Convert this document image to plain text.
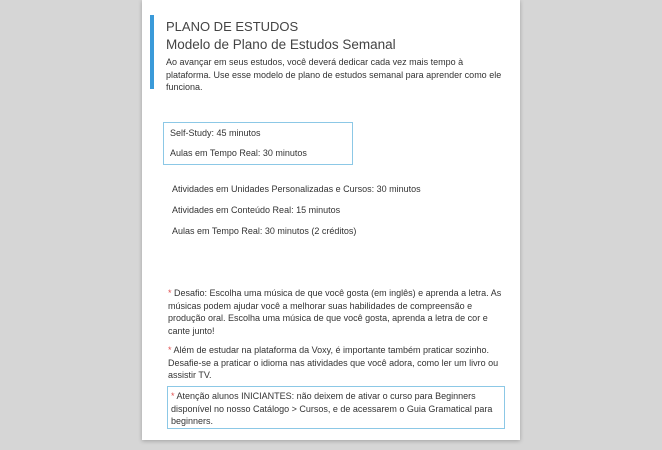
PLANO DE ESTUDOS
Modelo de Plano de Estudos Semanal
Ao avançar em seus estudos, você deverá dedicar cada vez mais tempo à plataforma. Use esse modelo de plano de estudos semanal para aprender como ele funciona.
Self-Study: 45 minutos
Aulas em Tempo Real: 30 minutos
Atividades em Unidades Personalizadas e Cursos: 30 minutos
Atividades em Conteúdo Real: 15 minutos
Aulas em Tempo Real: 30 minutos (2 créditos)
* Desafio: Escolha uma música de que você gosta (em inglês) e aprenda a letra. As músicas podem ajudar você a melhorar suas habilidades de compreensão e produção oral. Escolha uma música de que você gosta, aprenda a letra de cor e cante junto!
* Além de estudar na plataforma da Voxy, é importante também praticar sozinho. Desafie-se a praticar o idioma nas atividades que você adora, como ler um livro ou assistir TV.
* Atenção alunos INICIANTES: não deixem de ativar o curso para Beginners disponível no nosso Catálogo > Cursos, e de acessarem o Guia Gramatical para beginners.
